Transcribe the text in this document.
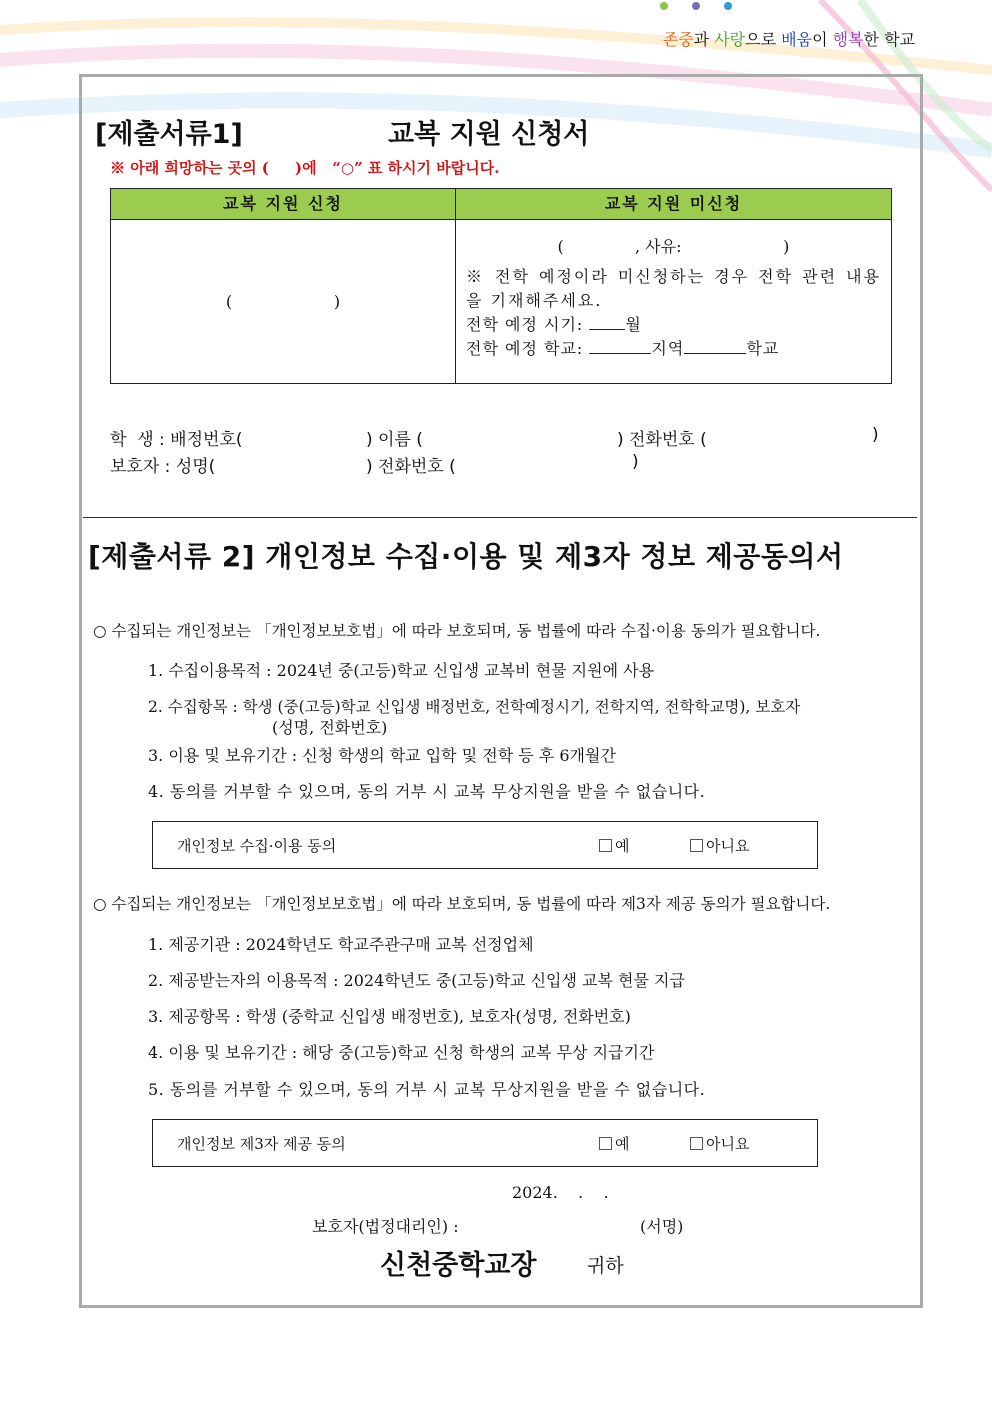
존중과 사랑으로 배움이 행복한 학교
[제출서류1]	교복 지원 신청서
※ 아래 희망하는 곳의 (     )에   “○” 표 하시기 바랍니다.
교복 지원 신청	교복 지원 미신청
(                    )	(              , 사유:                    )
※ 전학 예정이라 미신청하는 경우 전학 관련 내용을 기재해주세요.
전학 예정 시기: 월
전학 예정 학교: 지역 학교
학  생 : 배정번호(	) 이름 (	) 전화번호 (	)
보호자 : 성명(	) 전화번호 (	)
[제출서류 2] 개인정보 수집·이용 및 제3자 정보 제공동의서
○ 수집되는 개인정보는 「개인정보보호법」에 따라 보호되며, 동 법률에 따라 수집·이용 동의가 필요합니다.
1. 수집이용목적 : 2024년 중(고등)학교 신입생 교복비 현물 지원에 사용
2. 수집항목 : 학생 (중(고등)학교 신입생 배정번호, 전학예정시기, 전학지역, 전학학교명), 보호자
(성명, 전화번호)
3. 이용 및 보유기간 : 신청 학생의 학교 입학 및 전학 등 후 6개월간
4. 동의를 거부할 수 있으며, 동의 거부 시 교복 무상지원을 받을 수 없습니다.
개인정보 수집·이용 동의	예	아니요
○ 수집되는 개인정보는 「개인정보보호법」에 따라 보호되며, 동 법률에 따라 제3자 제공 동의가 필요합니다.
1. 제공기관 : 2024학년도 학교주관구매 교복 선정업체
2. 제공받는자의 이용목적 : 2024학년도 중(고등)학교 신입생 교복 현물 지급
3. 제공항목 : 학생 (중학교 신입생 배정번호), 보호자(성명, 전화번호)
4. 이용 및 보유기간 : 해당 중(고등)학교 신청 학생의 교복 무상 지급기간
5. 동의를 거부할 수 있으며, 동의 거부 시 교복 무상지원을 받을 수 없습니다.
개인정보 제3자 제공 동의	예	아니요
2024.    .    .
보호자(법정대리인) :	(서명)
신천중학교장	귀하
